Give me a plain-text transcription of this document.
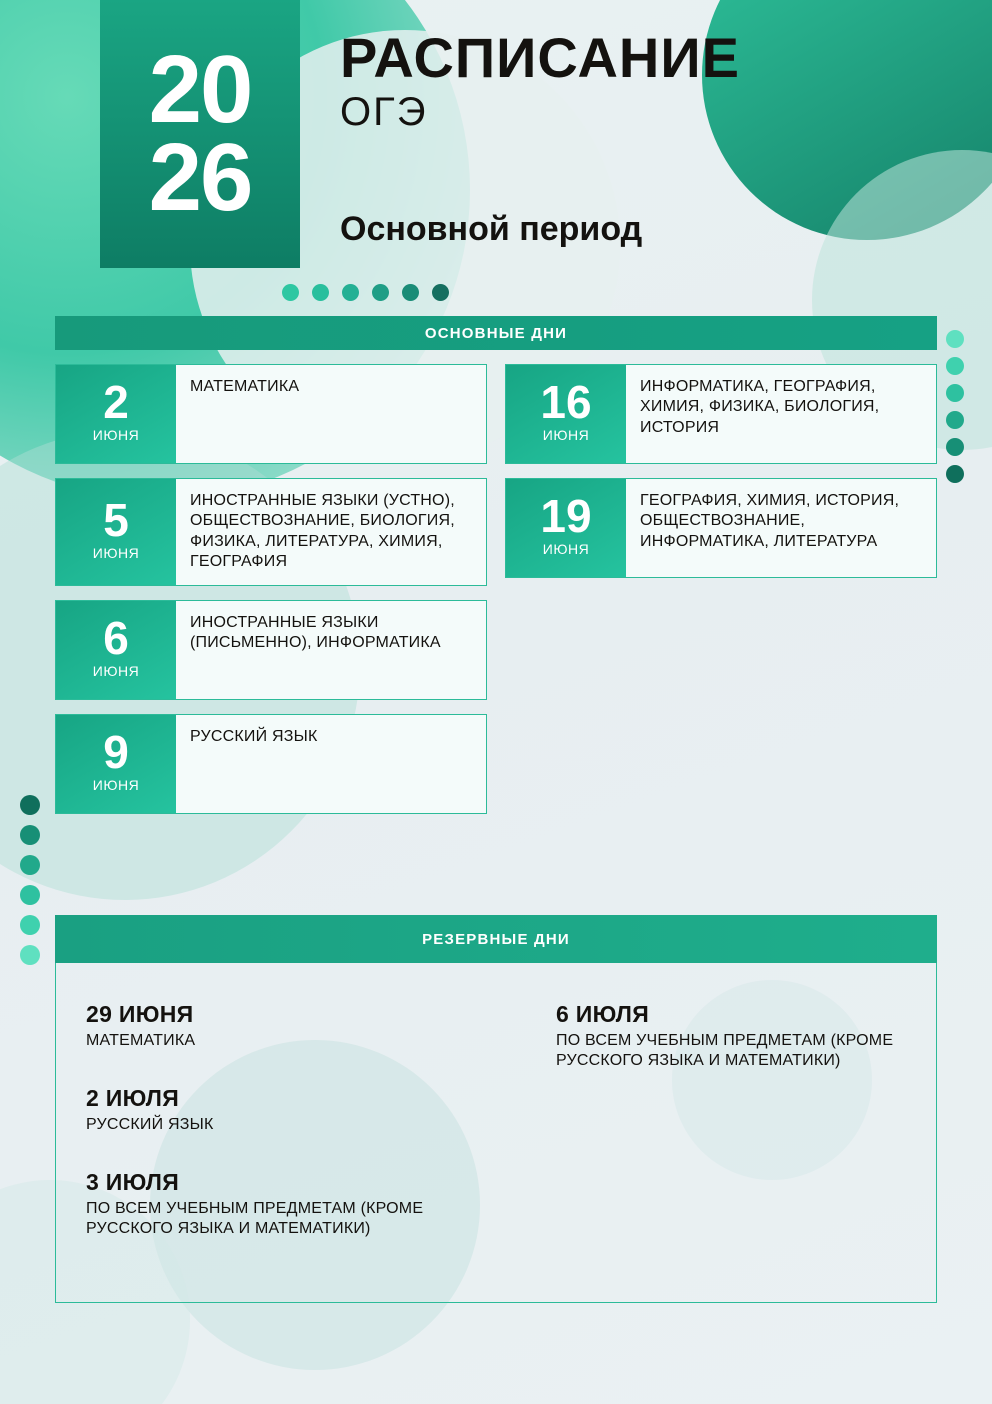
20
26
РАСПИСАНИЕ
ОГЭ
Основной период
ОСНОВНЫЕ ДНИ
2
ИЮНЯ
МАТЕМАТИКА
5
ИЮНЯ
ИНОСТРАННЫЕ ЯЗЫКИ (УСТНО), ОБЩЕСТВОЗНАНИЕ, БИОЛОГИЯ, ФИЗИКА, ЛИТЕРАТУРА, ХИМИЯ, ГЕОГРАФИЯ
6
ИЮНЯ
ИНОСТРАННЫЕ ЯЗЫКИ (ПИСЬМЕННО), ИНФОРМАТИКА
9
ИЮНЯ
РУССКИЙ ЯЗЫК
16
ИЮНЯ
ИНФОРМАТИКА, ГЕОГРАФИЯ, ХИМИЯ, ФИЗИКА, БИОЛОГИЯ, ИСТОРИЯ
19
ИЮНЯ
ГЕОГРАФИЯ, ХИМИЯ, ИСТОРИЯ, ОБЩЕСТВОЗНАНИЕ, ИНФОРМАТИКА, ЛИТЕРАТУРА
РЕЗЕРВНЫЕ ДНИ
29 ИЮНЯ
МАТЕМАТИКА
2 ИЮЛЯ
РУССКИЙ ЯЗЫК
3 ИЮЛЯ
ПО ВСЕМ УЧЕБНЫМ ПРЕДМЕТАМ (КРОМЕ РУССКОГО ЯЗЫКА И МАТЕМАТИКИ)
6 ИЮЛЯ
ПО ВСЕМ УЧЕБНЫМ ПРЕДМЕТАМ (КРОМЕ РУССКОГО ЯЗЫКА И МАТЕМАТИКИ)
